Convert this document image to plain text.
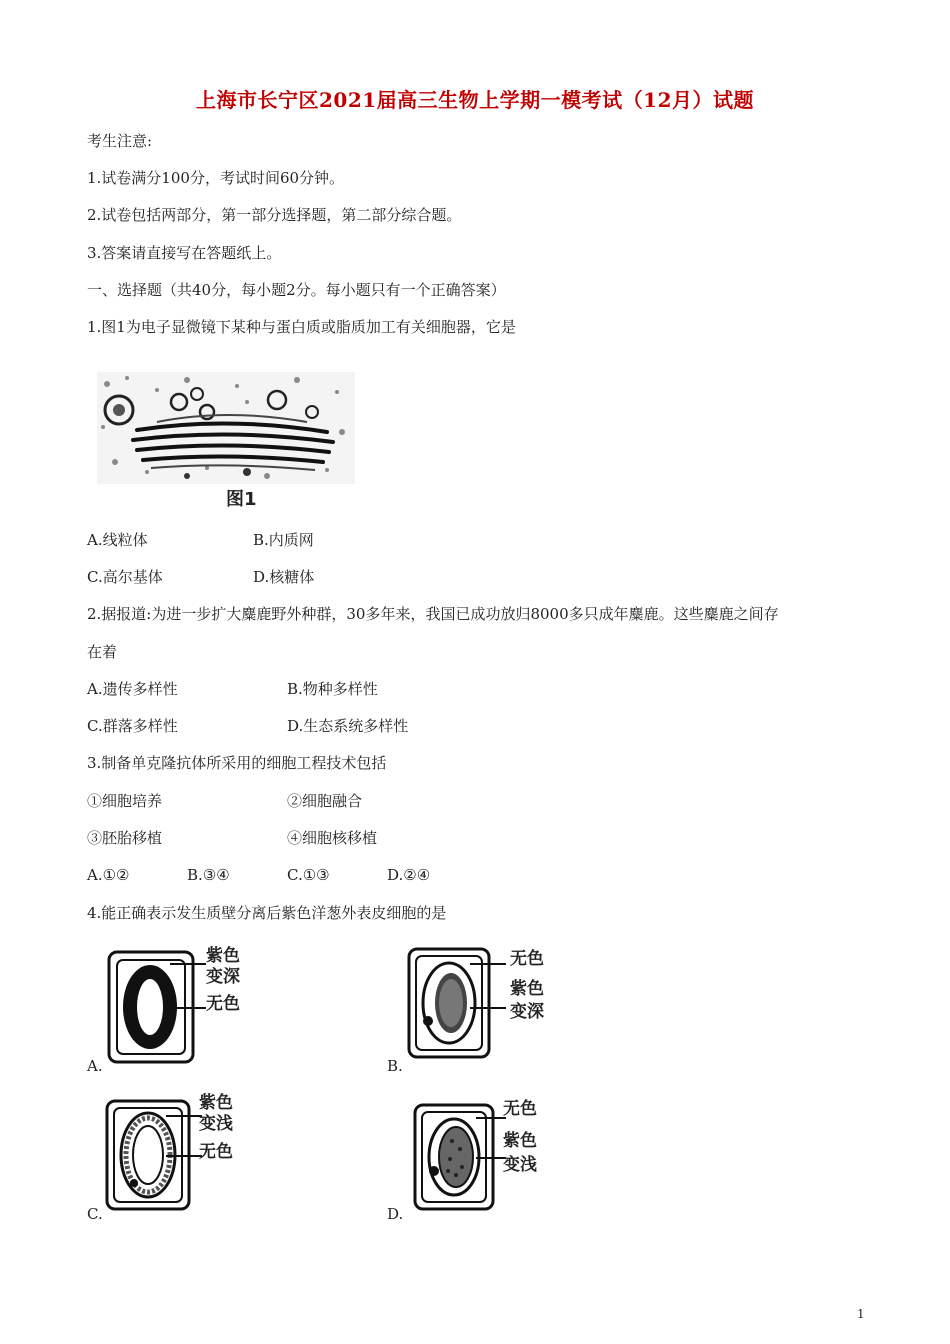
上海市长宁区2021届高三生物上学期一模考试（12月）试题
考生注意:
1.试卷满分100分，考试时间60分钟。
2.试卷包括两部分，第一部分选择题，第二部分综合题。
3.答案请直接写在答题纸上。
一、选择题（共40分，每小题2分。每小题只有一个正确答案）
1.图1为电子显微镜下某种与蛋白质或脂质加工有关细胞器，它是
图1
A.线粒体	B.内质网
C.高尔基体	D.核糖体
2.据报道:为进一步扩大麋鹿野外种群，30多年来，我国已成功放归8000多只成年麋鹿。这些麋鹿之间存
在着
A.遗传多样性	B.物种多样性
C.群落多样性	D.生态系统多样性
3.制备单克隆抗体所采用的细胞工程技术包括
①细胞培养	②细胞融合
③胚胎移植	④细胞核移植
A.①②	B.③④	C.①③	D.②④
4.能正确表示发生质壁分离后紫色洋葱外表皮细胞的是
紫色
变深
无色
A.
无色
紫色
变深
B.
紫色
变浅
无色
C.
无色
紫色
变浅
D.
1
